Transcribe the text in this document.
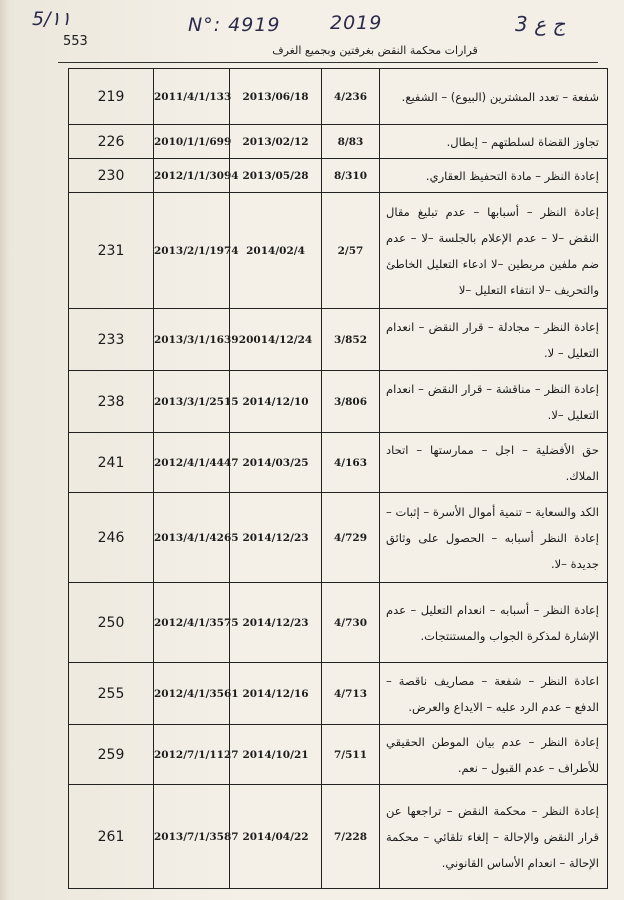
5/۱۱	N°: 4919	2019	3 ج ع
553
قرارات محكمة النقض بغرفتين وبجميع الغرف
219	2011/4/1/133	2013/06/18	4/236	شفعة – تعدد المشترين (البيوع) – الشفيع.
226	2010/1/1/699	2013/02/12	8/83	تجاوز القضاة لسلطتهم – إبطال.
230	2012/1/1/3094	2013/05/28	8/310	إعادة النظر – مادة التحفيظ العقاري.
231	2013/2/1/1974	2014/02/4	2/57	إعادة النظر – أسبابها – عدم تبليغ مقال النقض –لا – عدم الإعلام بالجلسة –لا – عدم ضم ملفين مربطين –لا ادعاء التعليل الخاطئ والتحريف –لا انتفاء التعليل –لا
233	2013/3/1/1639	20014/12/24	3/852	إعادة النظر – مجادلة – قرار النقض – انعدام التعليل – لا.
238	2013/3/1/2515	2014/12/10	3/806	إعادة النظر – مناقشة – قرار النقض – انعدام التعليل –لا.
241	2012/4/1/4447	2014/03/25	4/163	حق الأفضلية – اجل – ممارستها – اتحاد الملاك.
246	2013/4/1/4265	2014/12/23	4/729	الكد والسعاية – تنمية أموال الأسرة – إثبات – إعادة النظر أسبابه – الحصول على وثائق جديدة –لا.
250	2012/4/1/3575	2014/12/23	4/730	إعادة النظر – أسبابه – انعدام التعليل – عدم الإشارة لمذكرة الجواب والمستنتجات.
255	2012/4/1/3561	2014/12/16	4/713	اعادة النظر – شفعة – مصاريف ناقصة – الدفع – عدم الرد عليه – الايداع والعرض.
259	2012/7/1/1127	2014/10/21	7/511	إعادة النظر – عدم بيان الموطن الحقيقي للأطراف – عدم القبول – نعم.
261	2013/7/1/3587	2014/04/22	7/228	إعادة النظر – محكمة النقض – تراجعها عن قرار النقض والإحالة – إلغاء تلقائي – محكمة الإحالة – انعدام الأساس القانوني.
